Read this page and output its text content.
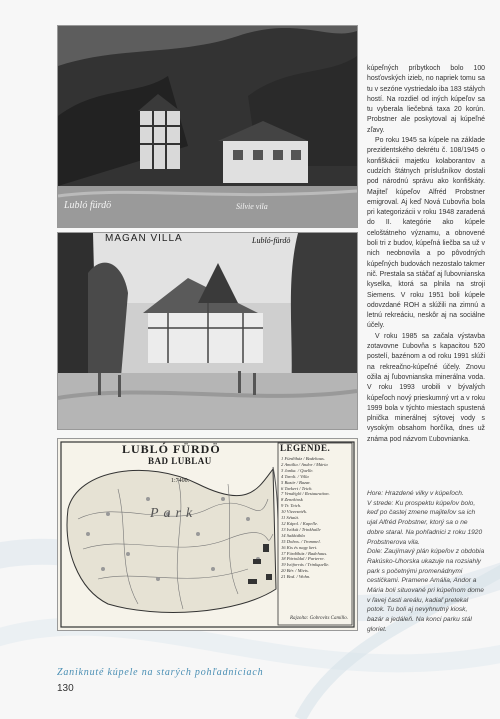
Lubló fürdö	Silvie vila
MAGAN VILLA	Lubló-fürdö
LUBLÓ FÜRDÖ
BAD LUBLAU
1:7400.
LEGENDE.
1 Fürdőház / Badehaus.
2 Amália / Andor / Mária
3 Janka. / Quelle.
4 Tarolt. / Villa
5 Bazár / Bazar.
6 Tavkert / Teich.
7 Vendéglő / Restauration.
8 Zenekiosk
9 Tr. Teich.
10 Vízvezeték.
11 Sétaút.
12 Kápol. / Kapelle.
13 Ivókút / Trinkhalle
14 Sakktábla
15 Dobos. / Trommel.
16 Kis és nagy kert.
17 Fürdőház / Badehaus.
18 Pártoldal / Parterre.
19 Ivóforrás / Trinkquelle.
20 Bér. / Miets.
21 Bod. / Wohn.
Park
Rajzolta: Gobrovits Camillo.

kúpeľných príbytkoch bolo 100 hosťovských izieb, no napriek tomu sa tu v sezóne vystriedalo iba 183 stálych hostí. Na rozdiel od iných kúpeľov sa tu vyberala liečebná taxa 20 korún. Probstner ale poskytoval aj kúpeľné zľavy.

Po roku 1945 sa kúpele na základe prezidentského dekrétu č. 108/1945 o konfiškácii majetku kolaborantov a cudzích štátnych príslušníkov dostali pod národnú správu ako konfiškáty. Majiteľ kúpeľov Alfréd Probstner emigroval. Aj keď Nová Ľubovňa bola pri kategorizácii v roku 1948 zaradená do II. kategórie ako kúpele celoštátneho významu, a obnovené boli tri z budov, kúpeľná liečba sa už v nich neobnovila a po pôvodných kúpeľných budovách nezostalo takmer nič. Prestala sa stáčať aj ľubovnianska kyselka, ktorá sa plnila na stroji Siemens. V roku 1951 boli kúpele odovzdané ROH a slúžili na zimnú a letnú rekreáciu, neskôr aj na sociálne účely.

V roku 1985 sa začala výstavba zotavovne Ľubovňa s kapacitou 520 postelí, bazénom a od roku 1991 slúži na rekreačno-kúpeľné účely. Znovu ožila aj ľubovnianska minerálna voda. V roku 1993 urobili v bývalých kúpeľoch nový prieskumný vrt a v roku 1999 bola v týchto miestach spustená plnička minerálnej sýtovej vody s vysokým obsahom horčíka, dnes už známa pod názvom Ľubovnianka.

Hore: Hrazdené vilky v kúpeľoch.

V strede: Ku prospektu kúpeľov bolo, keď po častej zmene majiteľov sa ich ujal Alfréd Probstner, ktorý sa o ne dobre staral. Na pohľadnici z roku 1920 Probstnerova vila.

Dole: Zaujímavý plán kúpeľov z obdobia Rakúsko-Uhorska ukazuje na rozsiahly park s početnými promenádnymi cestičkami. Pramene Amália, Andor a Mária boli situované pri kúpeľnom dome v ľavej časti areálu, kadiaľ pretekal potok. Tu boli aj nevyhnutný kiosk, bazár a jedáleň. Na konci parku stál gloriet.

Zaniknuté kúpele na starých pohľadniciach
130
